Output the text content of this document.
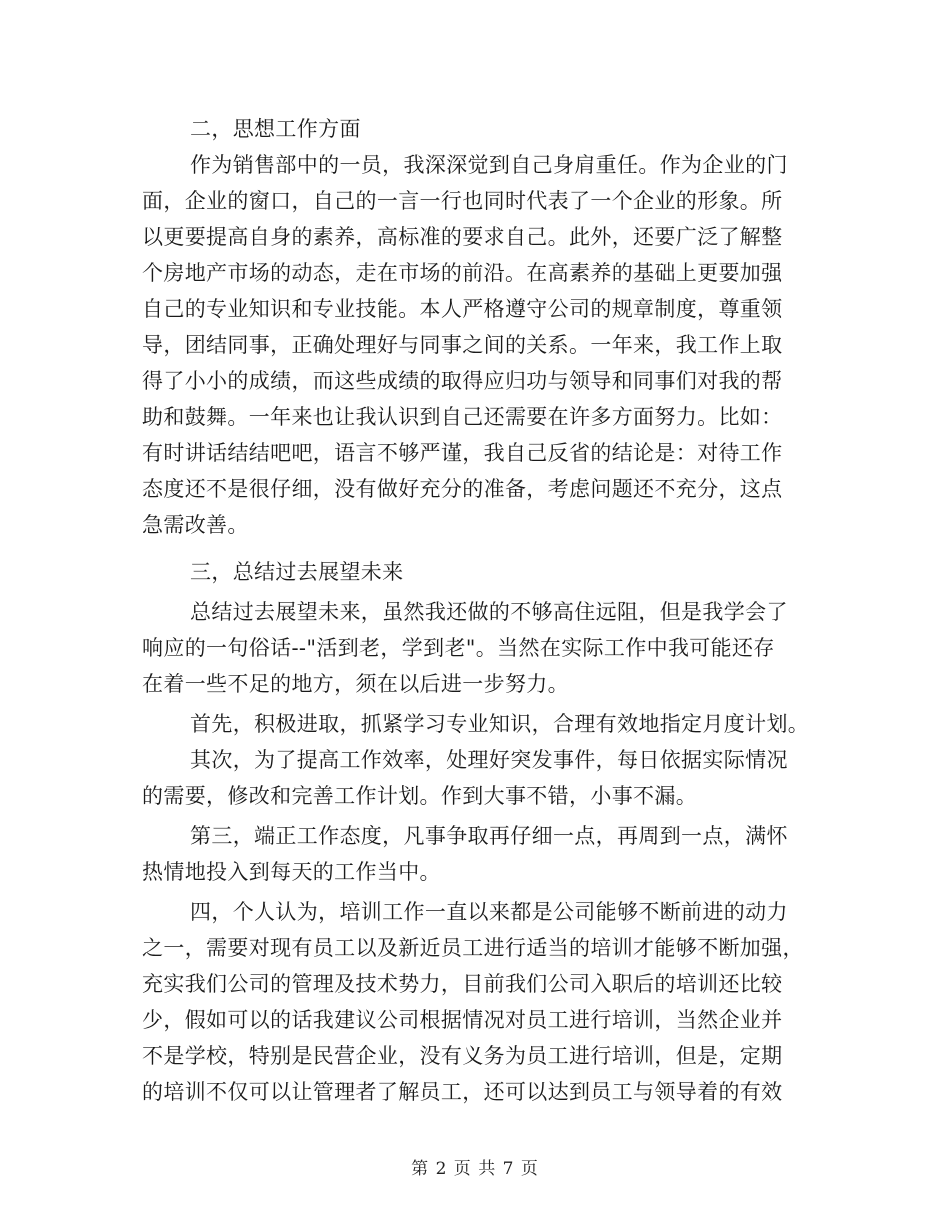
二，思想工作方面
作为销售部中的一员，我深深觉到自己身肩重任。作为企业的门
面，企业的窗口，自己的一言一行也同时代表了一个企业的形象。所
以更要提高自身的素养，高标准的要求自己。此外，还要广泛了解整
个房地产市场的动态，走在市场的前沿。在高素养的基础上更要加强
自己的专业知识和专业技能。本人严格遵守公司的规章制度，尊重领
导，团结同事，正确处理好与同事之间的关系。一年来，我工作上取
得了小小的成绩，而这些成绩的取得应归功与领导和同事们对我的帮
助和鼓舞。一年来也让我认识到自己还需要在许多方面努力。比如：
有时讲话结结吧吧，语言不够严谨，我自己反省的结论是：对待工作
态度还不是很仔细，没有做好充分的准备，考虑问题还不充分，这点
急需改善。
三，总结过去展望未来
总结过去展望未来，虽然我还做的不够高住远阻，但是我学会了
响应的一句俗话--"活到老，学到老"。当然在实际工作中我可能还存
在着一些不足的地方，须在以后进一步努力。
首先，积极进取，抓紧学习专业知识，合理有效地指定月度计划。
其次，为了提高工作效率，处理好突发事件，每日依据实际情况
的需要，修改和完善工作计划。作到大事不错，小事不漏。
第三，端正工作态度，凡事争取再仔细一点，再周到一点，满怀
热情地投入到每天的工作当中。
四，个人认为，培训工作一直以来都是公司能够不断前进的动力
之一，需要对现有员工以及新近员工进行适当的培训才能够不断加强，
充实我们公司的管理及技术势力，目前我们公司入职后的培训还比较
少，假如可以的话我建议公司根据情况对员工进行培训，当然企业并
不是学校，特别是民营企业，没有义务为员工进行培训，但是，定期
的培训不仅可以让管理者了解员工，还可以达到员工与领导着的有效
第 2 页 共 7 页
